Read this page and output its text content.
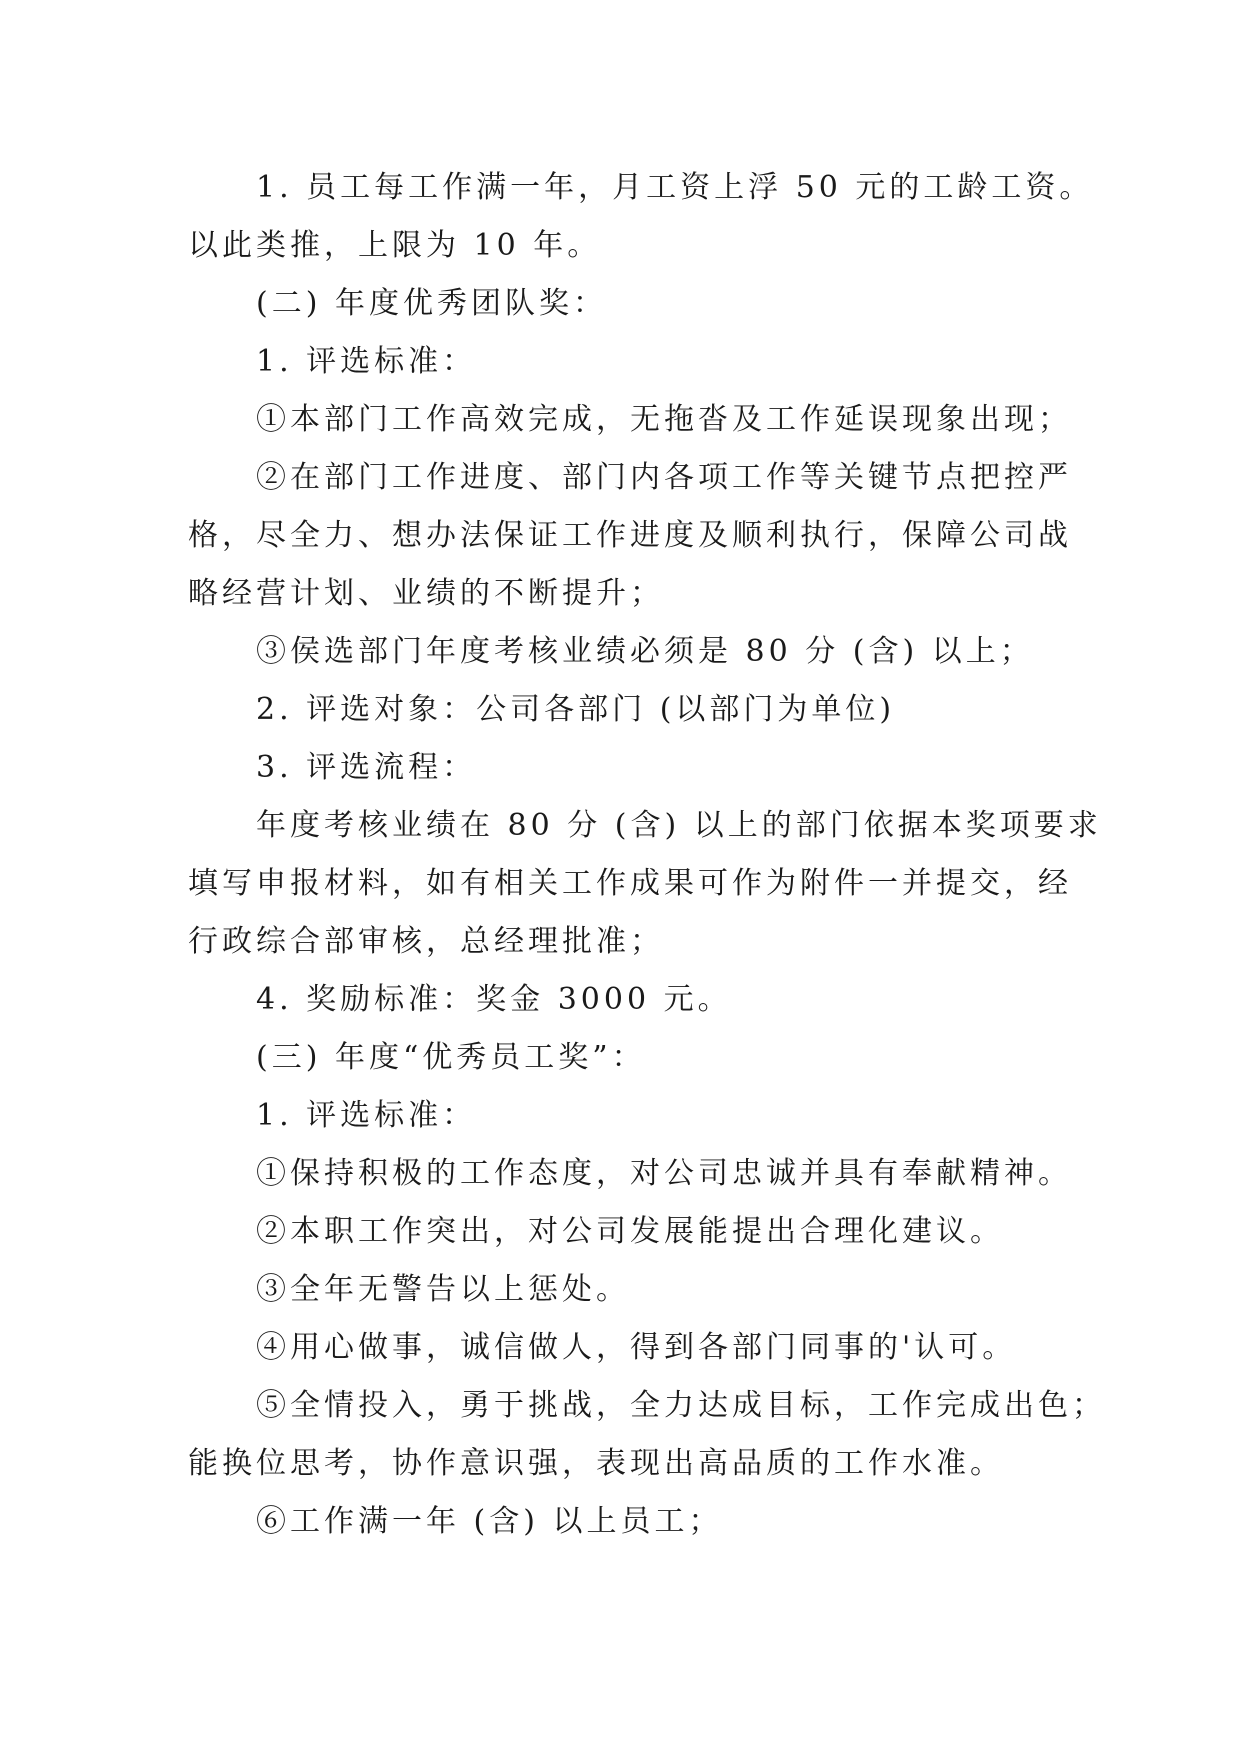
1. 员工每工作满一年，月工资上浮 50 元的工龄工资。
以此类推，上限为 10 年。
(二) 年度优秀团队奖：
1. 评选标准：
①本部门工作高效完成，无拖沓及工作延误现象出现；
②在部门工作进度、部门内各项工作等关键节点把控严
格，尽全力、想办法保证工作进度及顺利执行，保障公司战
略经营计划、业绩的不断提升；
③侯选部门年度考核业绩必须是 80 分 (含) 以上；
2. 评选对象：公司各部门 (以部门为单位)
3. 评选流程：
年度考核业绩在 80 分 (含) 以上的部门依据本奖项要求
填写申报材料，如有相关工作成果可作为附件一并提交，经
行政综合部审核，总经理批准；
4. 奖励标准：奖金 3000 元。
(三) 年度“优秀员工奖”：
1. 评选标准：
①保持积极的工作态度，对公司忠诚并具有奉献精神。
②本职工作突出，对公司发展能提出合理化建议。
③全年无警告以上惩处。
④用心做事，诚信做人，得到各部门同事的'认可。
⑤全情投入，勇于挑战，全力达成目标，工作完成出色；
能换位思考，协作意识强，表现出高品质的工作水准。
⑥工作满一年 (含) 以上员工；
